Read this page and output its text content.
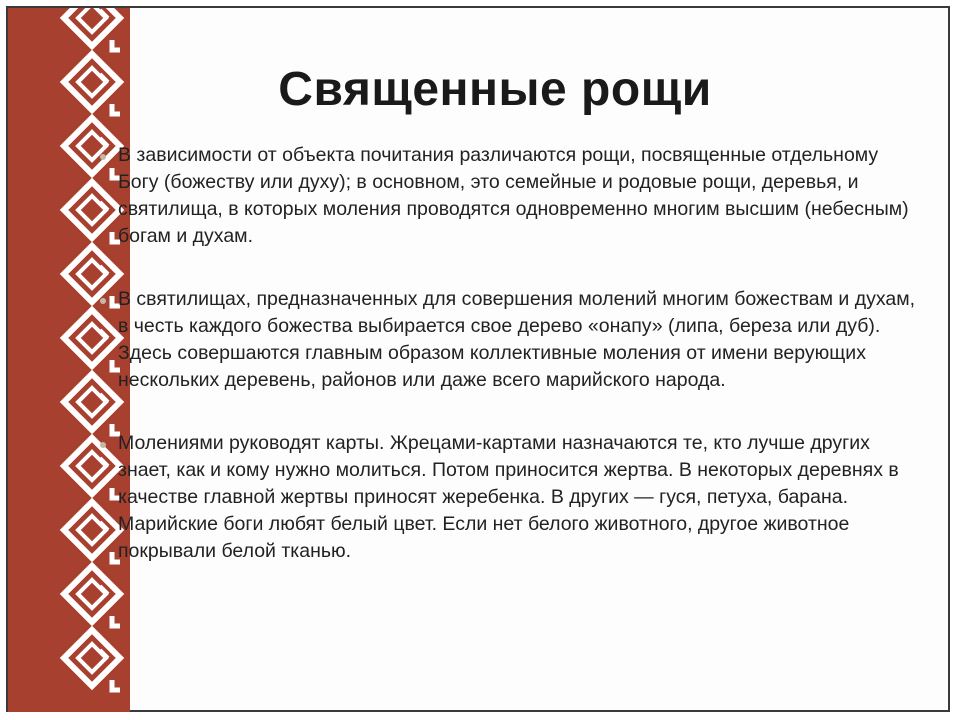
Священные рощи

В зависимости от объекта почитания различаются рощи, посвященные отдельному Богу (божеству или духу); в основном, это семейные и родовые рощи, деревья, и святилища, в которых моления проводятся одновременно многим высшим (небесным) богам и духам.

В святилищах, предназначенных для совершения молений многим божествам и духам, в честь каждого божества выбирается свое дерево «онапу» (липа, береза или дуб). Здесь совершаются главным образом коллективные моления от имени верующих нескольких деревень, районов или даже всего марийского народа.

Молениями руководят карты. Жрецами-картами назначаются те, кто лучше других знает, как и кому нужно молиться. Потом приносится жертва. В некоторых деревнях в качестве главной жертвы приносят жеребенка. В других — гуся, петуха, барана. Марийские боги любят белый цвет. Если нет белого животного, другое животное покрывали белой тканью.
